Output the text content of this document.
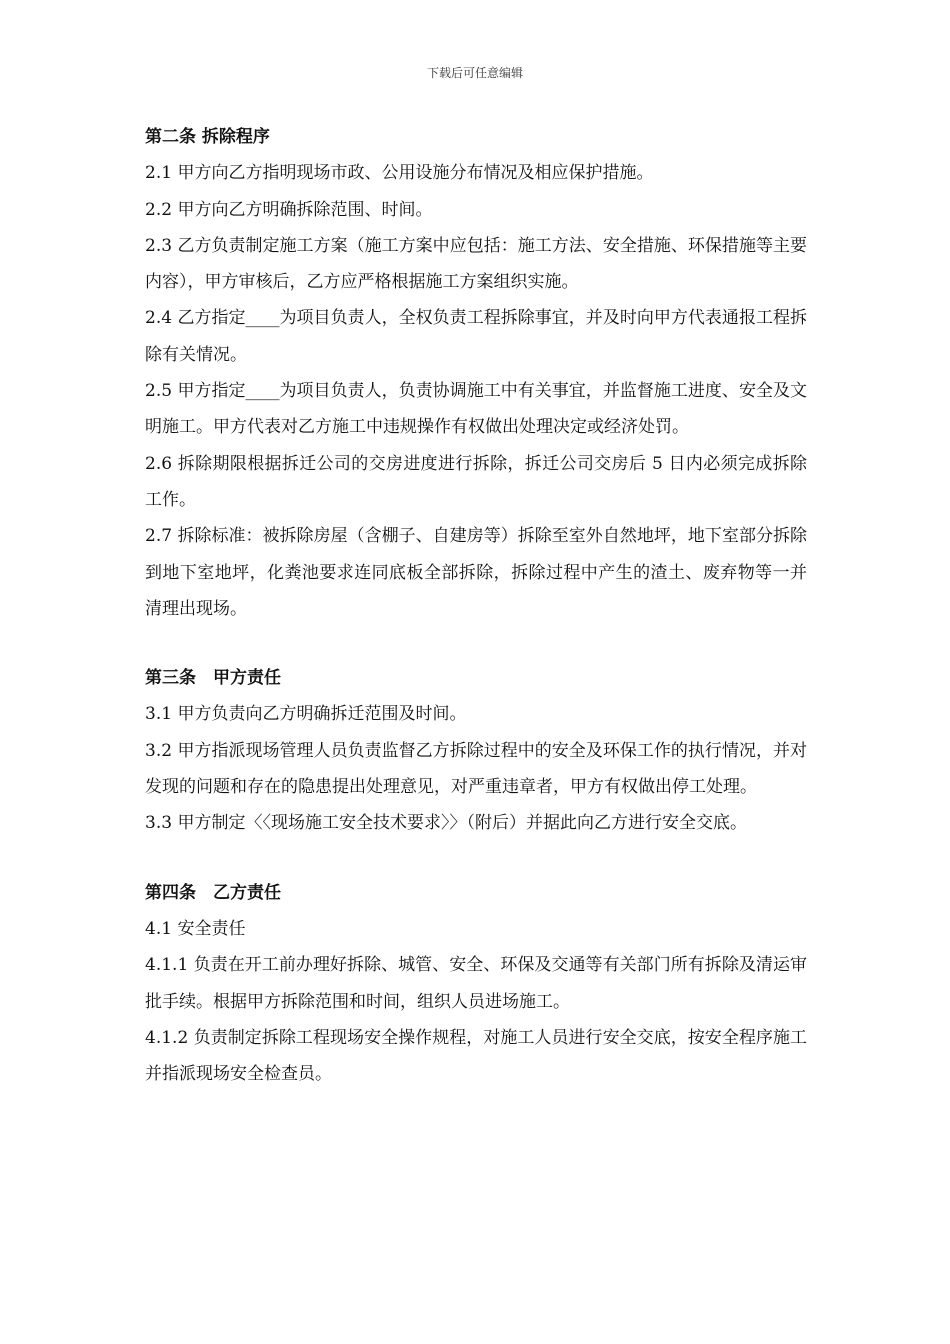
下载后可任意编辑

第二条 拆除程序

2.1 甲方向乙方指明现场市政、公用设施分布情况及相应保护措施。

2.2 甲方向乙方明确拆除范围、时间。

2.3 乙方负责制定施工方案（施工方案中应包括：施工方法、安全措施、环保措施等主要内容），甲方审核后，乙方应严格根据施工方案组织实施。

2.4 乙方指定____为项目负责人，全权负责工程拆除事宜，并及时向甲方代表通报工程拆除有关情况。

2.5 甲方指定____为项目负责人，负责协调施工中有关事宜，并监督施工进度、安全及文明施工。甲方代表对乙方施工中违规操作有权做出处理决定或经济处罚。

2.6 拆除期限根据拆迁公司的交房进度进行拆除，拆迁公司交房后 5 日内必须完成拆除工作。

2.7 拆除标准：被拆除房屋（含棚子、自建房等）拆除至室外自然地坪，地下室部分拆除到地下室地坪，化粪池要求连同底板全部拆除，拆除过程中产生的渣土、废弃物等一并清理出现场。

第三条　甲方责任

3.1 甲方负责向乙方明确拆迁范围及时间。

3.2 甲方指派现场管理人员负责监督乙方拆除过程中的安全及环保工作的执行情况，并对发现的问题和存在的隐患提出处理意见，对严重违章者，甲方有权做出停工处理。

3.3 甲方制定〈〈现场施工安全技术要求〉〉（附后）并据此向乙方进行安全交底。

第四条　乙方责任

4.1 安全责任

4.1.1 负责在开工前办理好拆除、城管、安全、环保及交通等有关部门所有拆除及清运审批手续。根据甲方拆除范围和时间，组织人员进场施工。

4.1.2 负责制定拆除工程现场安全操作规程，对施工人员进行安全交底，按安全程序施工并指派现场安全检查员。
